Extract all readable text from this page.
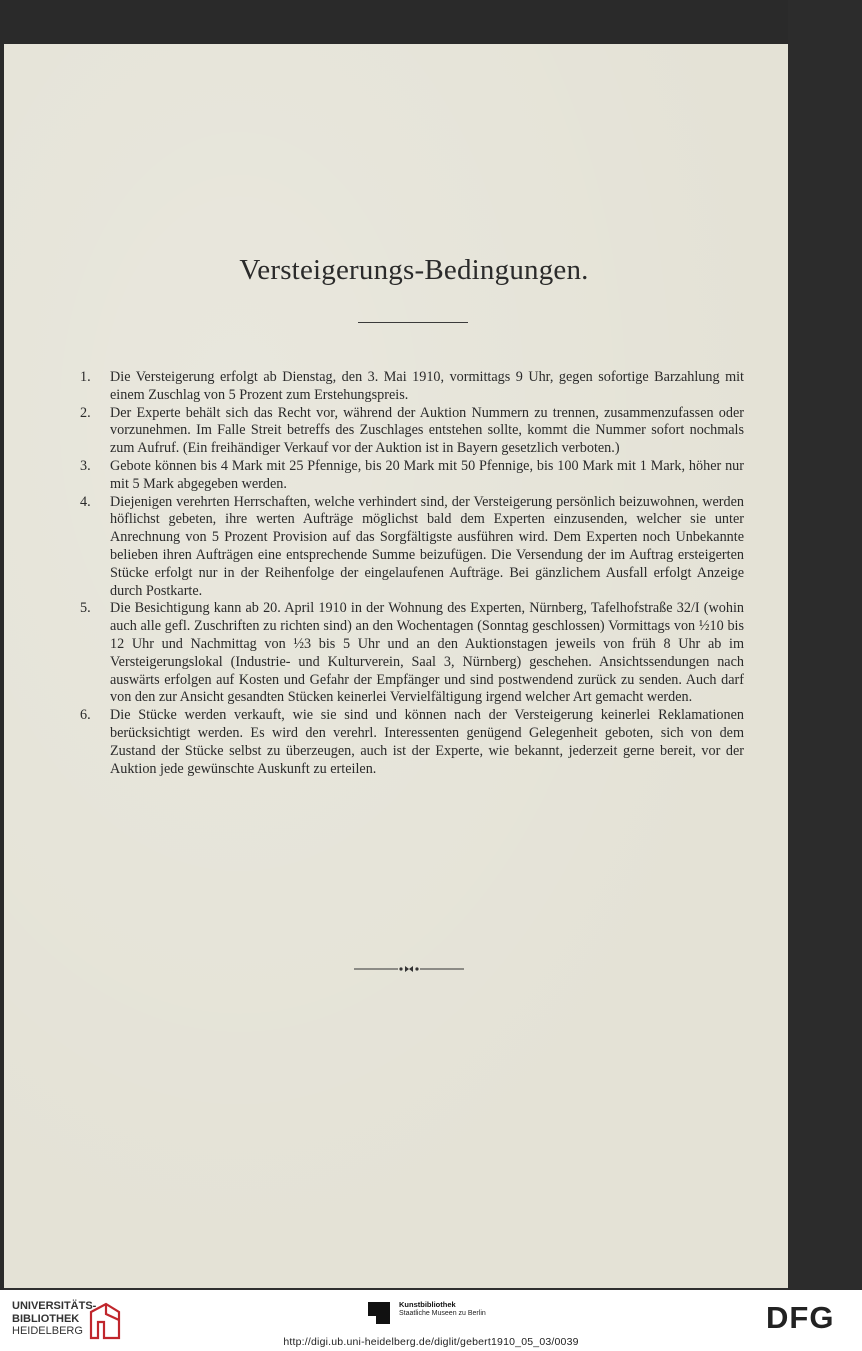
Versteigerungs-Bedingungen.
1. Die Versteigerung erfolgt ab Dienstag, den 3. Mai 1910, vormittags 9 Uhr, gegen sofortige Barzahlung mit einem Zuschlag von 5 Prozent zum Erstehungspreis.
2. Der Experte behält sich das Recht vor, während der Auktion Nummern zu trennen, zusammenzufassen oder vorzunehmen. Im Falle Streit betreffs des Zuschlages entstehen sollte, kommt die Nummer sofort nochmals zum Aufruf. (Ein freihändiger Verkauf vor der Auktion ist in Bayern gesetzlich verboten.)
3. Gebote können bis 4 Mark mit 25 Pfennige, bis 20 Mark mit 50 Pfennige, bis 100 Mark mit 1 Mark, höher nur mit 5 Mark abgegeben werden.
4. Diejenigen verehrten Herrschaften, welche verhindert sind, der Versteigerung persönlich beizuwohnen, werden höflichst gebeten, ihre werten Aufträge möglichst bald dem Experten einzusenden, welcher sie unter Anrechnung von 5 Prozent Provision auf das Sorgfältigste ausführen wird. Dem Experten noch Unbekannte belieben ihren Aufträgen eine entsprechende Summe beizufügen. Die Versendung der im Auftrag ersteigerten Stücke erfolgt nur in der Reihenfolge der eingelaufenen Aufträge. Bei gänzlichem Ausfall erfolgt Anzeige durch Postkarte.
5. Die Besichtigung kann ab 20. April 1910 in der Wohnung des Experten, Nürnberg, Tafelhofstraße 32/I (wohin auch alle gefl. Zuschriften zu richten sind) an den Wochentagen (Sonntag geschlossen) Vormittags von ½10 bis 12 Uhr und Nachmittag von ½3 bis 5 Uhr und an den Auktionstagen jeweils von früh 8 Uhr ab im Versteigerungslokal (Industrie- und Kulturverein, Saal 3, Nürnberg) geschehen. Ansichtssendungen nach auswärts erfolgen auf Kosten und Gefahr der Empfänger und sind postwendend zurück zu senden. Auch darf von den zur Ansicht gesandten Stücken keinerlei Vervielfältigung irgend welcher Art gemacht werden.
6. Die Stücke werden verkauft, wie sie sind und können nach der Versteigerung keinerlei Reklamationen berücksichtigt werden. Es wird den verehrl. Interessenten genügend Gelegenheit geboten, sich von dem Zustand der Stücke selbst zu überzeugen, auch ist der Experte, wie bekannt, jederzeit gerne bereit, vor der Auktion jede gewünschte Auskunft zu erteilen.
UNIVERSITÄTS-
BIBLIOTHEK
HEIDELBERG
Kunstbibliothek
Staatliche Museen zu Berlin	DFG
http://digi.ub.uni-heidelberg.de/diglit/gebert1910_05_03/0039
